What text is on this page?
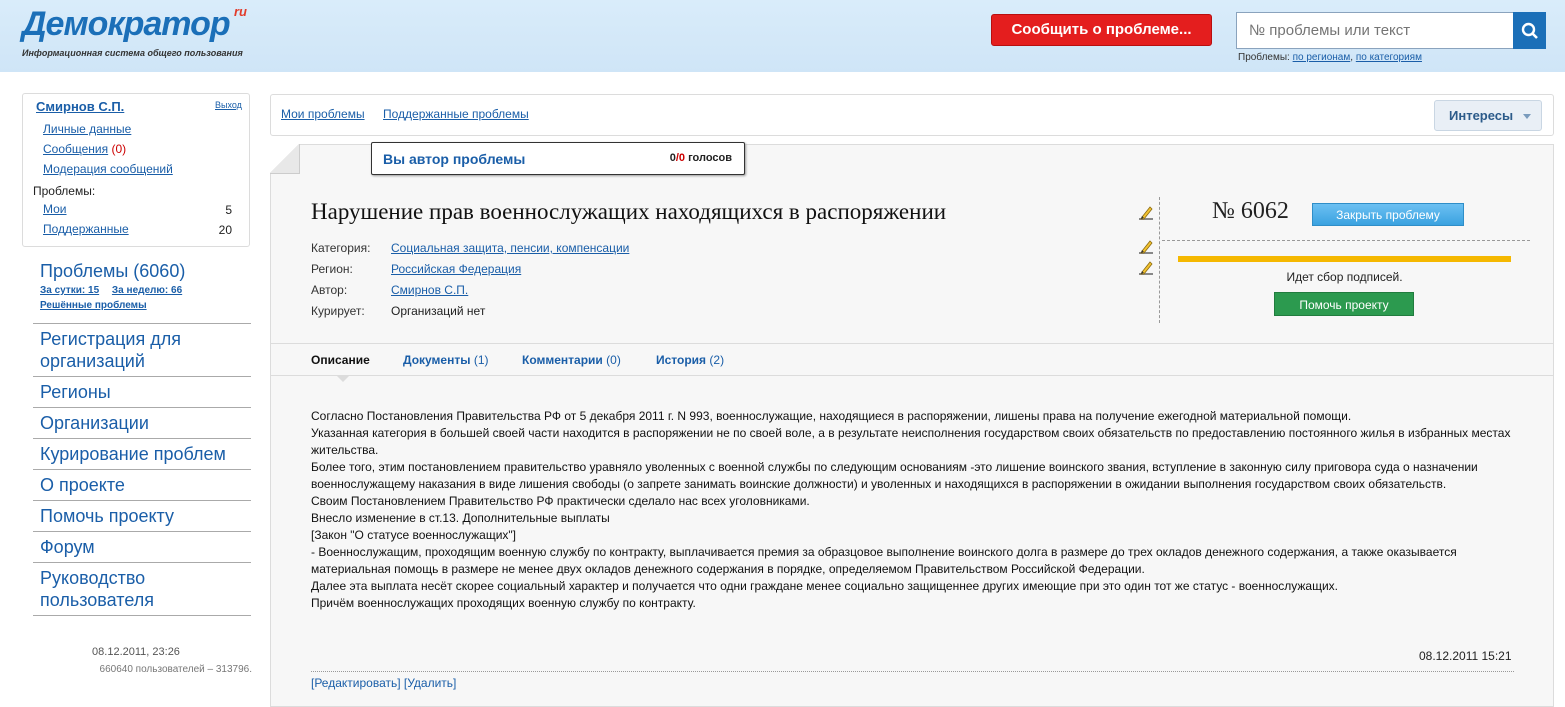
Демократор ru
Информационная система общего пользования
Сообщить о проблеме...
№ проблемы или текст
Проблемы: по регионам, по категориям
Смирнов С.П.	Выход
Личные данные
Сообщения (0)
Модерация сообщений
Проблемы:
Мои	5
Поддержанные	20
Проблемы (6060)
За сутки: 15 За неделю: 66
Решённые проблемы
Регистрация для организаций
Регионы
Организации
Курирование проблем
О проекте
Помочь проекту
Форум
Руководство пользователя
08.12.2011, 23:26
660640 пользователей – 313796.
Мои проблемы Поддержанные проблемы	Интересы
Вы автор проблемы	0/0 голосов
Нарушение прав военнослужащих находящихся в распоряжении
Категория: Социальная защита, пенсии, компенсации
Регион:	Российская Федерация
Автор:	Смирнов С.П.
Курирует: Организаций нет
№ 6062	Закрыть проблему
Идет сбор подписей.
Помочь проекту
Описание	Документы (1)	Комментарии (0)	История (2)

Согласно Постановления Правительства РФ от 5 декабря 2011 г. N 993, военнослужащие, находящиеся в распоряжении, лишены права на получение ежегодной материальной помощи.

Указанная категория в большей своей части находится в распоряжении не по своей воле, а в результате неисполнения государством своих обязательств по предоставлению постоянного жилья в избранных местах жительства.

Более того, этим постановлением правительство уравняло уволенных с военной службы по следующим основаниям -это лишение воинского звания, вступление в законную силу приговора суда о назначении военнослужащему наказания в виде лишения свободы (о запрете занимать воинские должности) и уволенных и находящихся в распоряжении в ожидании выполнения государством своих обязательств.

Своим Постановлением Правительство РФ практически сделало нас всех уголовниками.

Внесло изменение в ст.13. Дополнительные выплаты

[Закон "О статусе военнослужащих"]

- Военнослужащим, проходящим военную службу по контракту, выплачивается премия за образцовое выполнение воинского долга в размере до трех окладов денежного содержания, а также оказывается материальная помощь в размере не менее двух окладов денежного содержания в порядке, определяемом Правительством Российской Федерации.

Далее эта выплата несёт скорее социальный характер и получается что одни граждане менее социально защищеннее других имеющие при это один тот же статус - военнослужащих.

Причём военнослужащих проходящих военную службу по контракту.

08.12.2011 15:21
[Редактировать] [Удалить]
